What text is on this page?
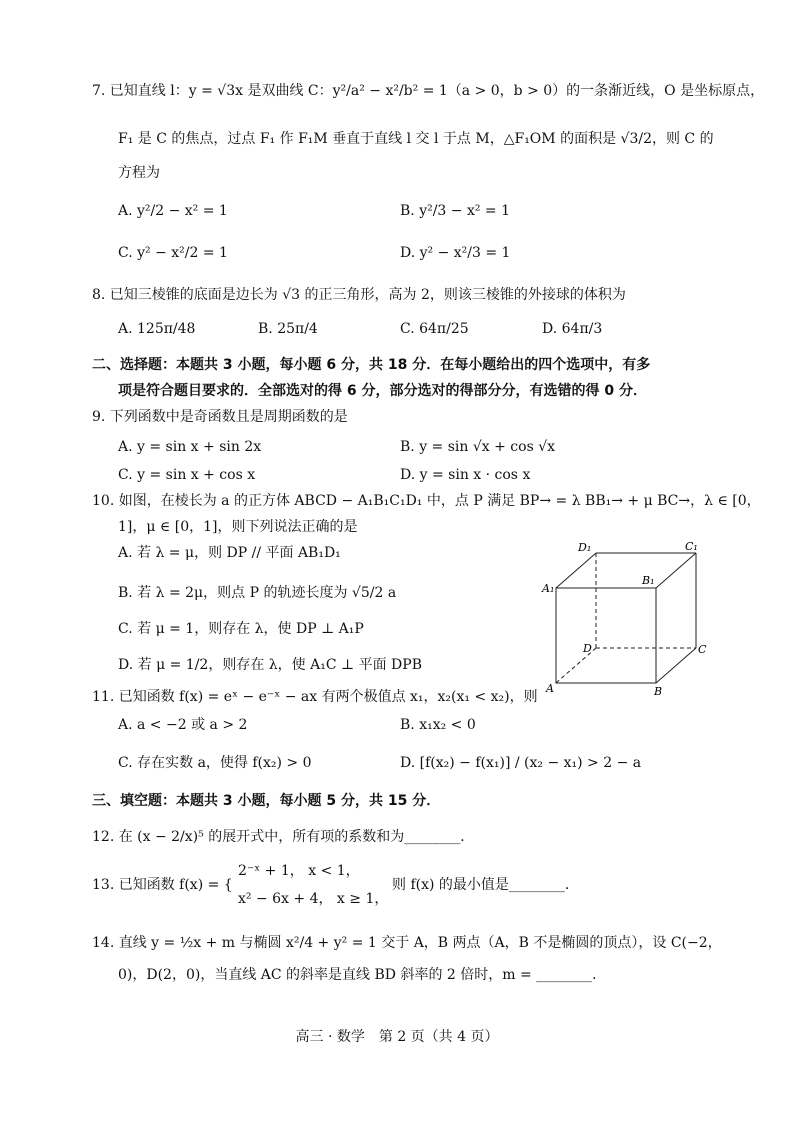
7. 已知直线 l：y = √3x 是双曲线 C：y²/a² − x²/b² = 1（a > 0，b > 0）的一条渐近线，O 是坐标原点，
F₁ 是 C 的焦点，过点 F₁ 作 F₁M 垂直于直线 l 交 l 于点 M，△F₁OM 的面积是 √3/2，则 C 的
方程为
A. y²/2 − x² = 1	B. y²/3 − x² = 1
C. y² − x²/2 = 1	D. y² − x²/3 = 1
8. 已知三棱锥的底面是边长为 √3 的正三角形，高为 2，则该三棱锥的外接球的体积为
A. 125π/48	B. 25π/4	C. 64π/25	D. 64π/3
二、选择题：本题共 3 小题，每小题 6 分，共 18 分．在每小题给出的四个选项中，有多
项是符合题目要求的．全部选对的得 6 分，部分选对的得部分分，有选错的得 0 分．
9. 下列函数中是奇函数且是周期函数的是
A. y = sin x + sin 2x	B. y = sin √x + cos √x
C. y = sin x + cos x	D. y = sin x · cos x
10. 如图，在棱长为 a 的正方体 ABCD − A₁B₁C₁D₁ 中，点 P 满足 BP→ = λ BB₁→ + μ BC→，λ ∈ [0，
1]，μ ∈ [0，1]，则下列说法正确的是
A. 若 λ = μ，则 DP // 平面 AB₁D₁
B. 若 λ = 2μ，则点 P 的轨迹长度为 √5/2 a
C. 若 μ = 1，则存在 λ，使 DP ⊥ A₁P
D. 若 μ = 1/2，则存在 λ，使 A₁C ⊥ 平面 DPB
D₁	C₁
A₁
B₁
D	C
A	B
11. 已知函数 f(x) = eˣ − e⁻ˣ − ax 有两个极值点 x₁，x₂(x₁ < x₂)，则
A. a < −2 或 a > 2	B. x₁x₂ < 0
C. 存在实数 a，使得 f(x₂) > 0	D. [f(x₂) − f(x₁)] / (x₂ − x₁) > 2 − a
三、填空题：本题共 3 小题，每小题 5 分，共 15 分．
12. 在 (x − 2/x)⁵ 的展开式中，所有项的系数和为________．
13. 已知函数 f(x) = {
2⁻ˣ + 1， x < 1，
x² − 6x + 4， x ≥ 1，
则 f(x) 的最小值是________．
14. 直线 y = ½x + m 与椭圆 x²/4 + y² = 1 交于 A，B 两点（A，B 不是椭圆的顶点），设 C(−2，
0)，D(2，0)，当直线 AC 的斜率是直线 BD 斜率的 2 倍时，m = ________．
高三 · 数学　第 2 页（共 4 页）
